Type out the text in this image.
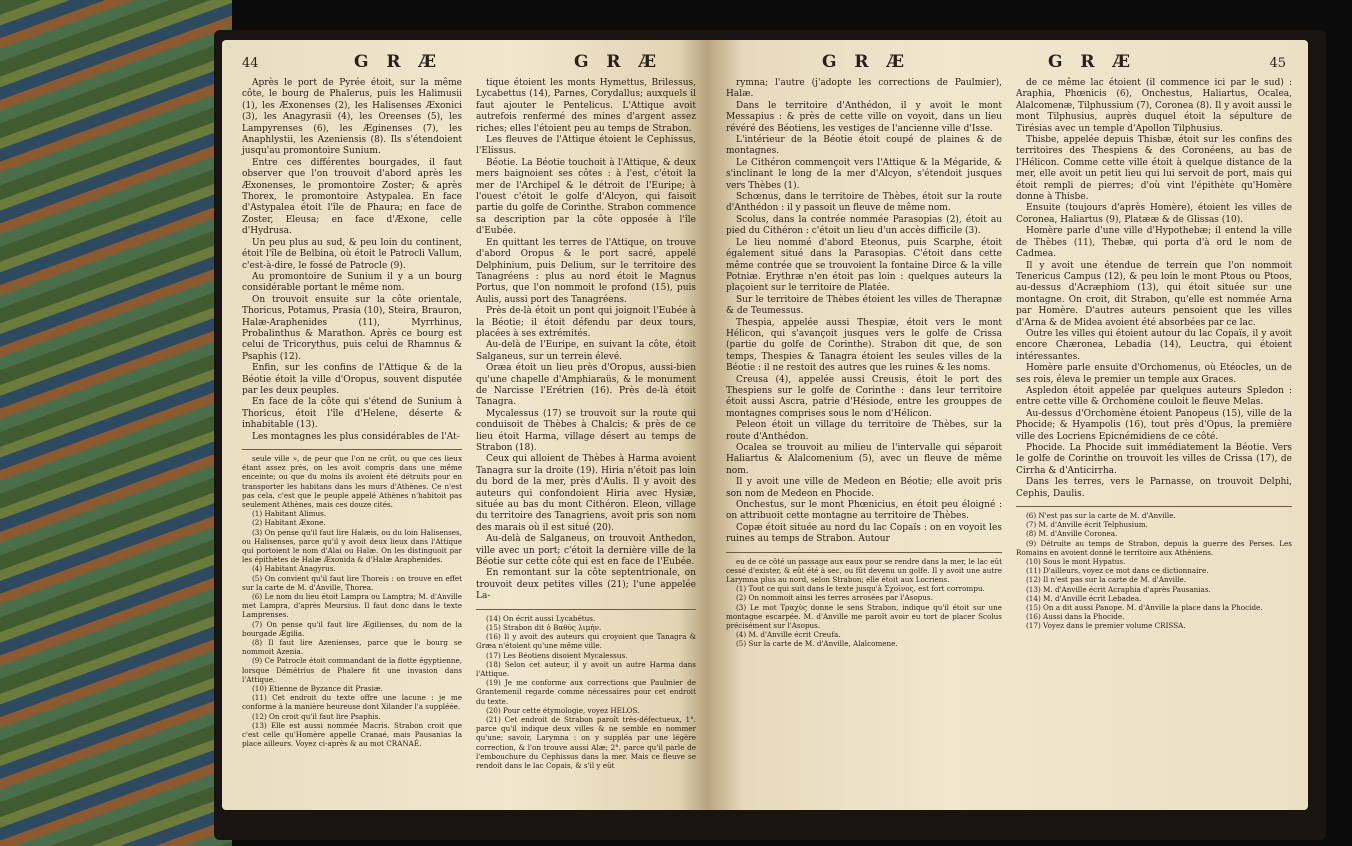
44	G R Æ	G R Æ

Après le port de Pyrée étoit, sur la même côte, le bourg de Phalerus, puis les Halimusii (1), les Æxonenses (2), les Halisenses Æxonici (3), les Anagyrasii (4), les Oreenses (5), les Lampyrenses (6), les Æginenses (7), les Anaphlystii, les Azeniensis (8). Ils s'étendoient jusqu'au promontoire Sunium.

Entre ces différentes bourgades, il faut observer que l'on trouvoit d'abord après les Æxonenses, le promontoire Zoster; & après Thorex, le promontoire Astypalea. En face d'Astypalea étoit l'île de Phaura; en face de Zoster, Eleusa; en face d'Æxone, celle d'Hydrusa.

Un peu plus au sud, & peu loin du continent, étoit l'île de Belbina, où étoit le Patrocli Vallum, c'est-à-dire, le fossé de Patrocle (9).

Au promontoire de Sunium il y a un bourg considérable portant le même nom.

On trouvoit ensuite sur la côte orientale, Thoricus, Potamus, Prasia (10), Steira, Brauron, Halæ-Araphenides (11), Myrrhinus, Probalinthus & Marathon. Après ce bourg est celui de Tricorythus, puis celui de Rhamnus & Psaphis (12).

Enfin, sur les confins de l'Attique & de la Béotie étoit la ville d'Oropus, souvent disputée par les deux peuples.

En face de la côte qui s'étend de Sunium à Thoricus, étoit l'île d'Helene, déserte & inhabitable (13).

Les montagnes les plus considérables de l'At-

seule ville », de peur que l'on ne crût, ou que ces lieux étant assez près, on les avoit compris dans une même enceinte; ou que du moins ils avoient été détruits pour en transporter les habitans dans les murs d'Athènes. Ce n'est pas cela, c'est que le peuple appelé Athènes n'habitoit pas seulement Athènes, mais ces douze cités.

(1) Habitant Alimus.

(2) Habitant Æxone.

(3) On pense qu'il faut lire Halæis, ou du loin Halisenses, ou Halisenses, parce qu'il y avoit deux lieux dans l'Attique qui portoient le nom d'Alai ou Halæ. On les distinguoit par les épithètes de Halæ Æxonida & d'Halæ Araphenides.

(4) Habitant Anagyrus.

(5) On convient qu'il faut lire Thoreis : on trouve en effet sur la carte de M. d'Anville, Thorea.

(6) Le nom du lieu étoit Lampra ou Lamptra; M. d'Anville met Lampra, d'après Meursius. Il faut donc dans le texte Lamprenses.

(7) On pense qu'il faut lire Ægilienses, du nom de la bourgade Ægilia.

(8) Il faut lire Azenienses, parce que le bourg se nommoit Azenia.

(9) Ce Patrocle étoit commandant de la flotte égyptienne, lorsque Démétrius de Phalere fit une invasion dans l'Attique.

(10) Etienne de Byzance dit Prasiæ.

(11) Cet endroit du texte offre une lacune : je me conforme à la manière heureuse dont Xilander l'a suppléée.

(12) On croit qu'il faut lire Psaphis.

(13) Elle est aussi nommée Macris. Strabon croit que c'est celle qu'Homère appelle Cranaé, mais Pausanias la place ailleurs. Voyez ci-après & au mot CRANAÉ.

tique étoient les monts Hymettus, Brilessus, Lycabettus (14), Parnes, Corydallus; auxquels il faut ajouter le Pentelicus. L'Attique avoit autrefois renfermé des mines d'argent assez riches; elles l'étoient peu au temps de Strabon.

Les fleuves de l'Attique étoient le Cephissus, l'Elissus.

Béotie. La Béotie touchoit à l'Attique, & deux mers baignoient ses côtes : à l'est, c'étoit la mer de l'Archipel & le détroit de l'Euripe; à l'ouest c'étoit le golfe d'Alcyon, qui faisoit partie du golfe de Corinthe. Strabon commence sa description par la côte opposée à l'île d'Eubée.

En quittant les terres de l'Attique, on trouve d'abord Oropus & le port sacré, appelé Delphinium, puis Delium, sur le territoire des Tanagréens : plus au nord étoit le Magnus Portus, que l'on nommoit le profond (15), puis Aulis, aussi port des Tanagréens.

Près de-là étoit un pont qui joignoit l'Eubée à la Béotie; il étoit défendu par deux tours, placées à ses extrémités.

Au-delà de l'Euripe, en suivant la côte, étoit Salganeus, sur un terrein élevé.

Oræa étoit un lieu près d'Oropus, aussi-bien qu'une chapelle d'Amphiaraüs, & le monument de Narcisse l'Erétrien (16). Près de-là étoit Tanagra.

Mycalessus (17) se trouvoit sur la route qui conduisoit de Thèbes à Chalcis; & près de ce lieu étoit Harma, village désert au temps de Strabon (18).

Ceux qui alloient de Thèbes à Harma avoient Tanagra sur la droite (19). Hiria n'étoit pas loin du bord de la mer, près d'Aulis. Il y avoit des auteurs qui confondoient Hiria avec Hysiæ, située au bas du mont Cithéron. Eleon, village du territoire des Tanagriens, avoit pris son nom des marais où il est situé (20).

Au-delà de Salganeus, on trouvoit Anthedon, ville avec un port; c'étoit la dernière ville de la Béotie sur cette côte qui est en face de l'Eubée.

En remontant sur la côte septentrionale, on trouvoit deux petites villes (21); l'une appelée La-

(14) On écrit aussi Lycabétus.

(15) Strabon dit ὁ Βαθὺς λιμήν.

(16) Il y avoit des auteurs qui croyoient que Tanagra & Græa n'étoient qu'une même ville.

(17) Les Béotiens disoient Mycalessus.

(18) Selon cet auteur, il y avoit un autre Harma dans l'Attique.

(19) Je me conforme aux corrections que Paulmier de Grantemenil regarde comme nécessaires pour cet endroit du texte.

(20) Pour cette étymologie, voyez HELOS.

(21) Cet endroit de Strabon paroît très-défectueux, 1°. parce qu'il indique deux villes & ne semble en nommer qu'une; savoir, Larymna : on y suppléa par une légère correction, & l'on trouve aussi Alæ; 2°. parce qu'il parle de l'embouchure du Cephissus dans la mer. Mais ce fleuve se rendoit dans le lac Copais, & s'il y eût

G R Æ	G R Æ	45

rymna; l'autre (j'adopte les corrections de Paulmier), Halæ.

Dans le territoire d'Anthédon, il y avoit le mont Messapius : & près de cette ville on voyoit, dans un lieu révéré des Béotiens, les vestiges de l'ancienne ville d'Isse.

L'intérieur de la Béotie étoit coupé de plaines & de montagnes.

Le Cithéron commençoit vers l'Attique & la Mégaride, & s'inclinant le long de la mer d'Alcyon, s'étendoit jusques vers Thèbes (1).

Schœnus, dans le territoire de Thèbes, étoit sur la route d'Anthédon : il y passoit un fleuve de même nom.

Scolus, dans la contrée nommée Parasopias (2), étoit au pied du Cithéron : c'étoit un lieu d'un accès difficile (3).

Le lieu nommé d'abord Eteonus, puis Scarphe, étoit également situé dans la Parasopias. C'étoit dans cette même contrée que se trouvoient la fontaine Dirce & la ville Potniæ. Erythræ n'en étoit pas loin : quelques auteurs la plaçoient sur le territoire de Platée.

Sur le territoire de Thèbes étoient les villes de Therapnæ & de Teumessus.

Thespia, appelée aussi Thespiæ, étoit vers le mont Hélicon, qui s'avançoit jusques vers le golfe de Crissa (partie du golfe de Corinthe). Strabon dit que, de son temps, Thespies & Tanagra étoient les seules villes de la Béotie : il ne restoit des autres que les ruines & les noms.

Creusa (4), appelée aussi Creusis, étoit le port des Thespiens sur le golfe de Corinthe : dans leur territoire étoit aussi Ascra, patrie d'Hésiode, entre les grouppes de montagnes comprises sous le nom d'Hélicon.

Peleon étoit un village du territoire de Thèbes, sur la route d'Anthédon.

Ocalea se trouvoit au milieu de l'intervalle qui séparoit Haliartus & Alalcomenium (5), avec un fleuve de même nom.

Il y avoit une ville de Medeon en Béotie; elle avoit pris son nom de Medeon en Phocide.

Onchestus, sur le mont Phœnicius, en étoit peu éloigné : on attribuoit cette montagne au territoire de Thèbes.

Copæ étoit située au nord du lac Copaïs : on en voyoit les ruines au temps de Strabon. Autour

eu de ce côté un passage aux eaux pour se rendre dans la mer, le lac eût cessé d'exister, & eût été à sec, ou fût devenu un golfe. Il y avoit une autre Larymna plus au nord, selon Strabon; elle étoit aux Locriens.

(1) Tout ce qui suit dans le texte jusqu'à Σχοῖνος, est fort corrompu.

(2) On nommoit ainsi les terres arrosées par l'Asopus.

(3) Le mot Τραχὺς donne le sens Strabon, indique qu'il étoit sur une montagne escarpée. M. d'Anville me paroît avoir eu tort de placer Scolus précisément sur l'Asopus.

(4) M. d'Anville écrit Creufa.

(5) Sur la carte de M. d'Anville, Alalcomene.

de ce même lac étoient (il commence ici par le sud) : Araphia, Phœnicis (6), Onchestus, Haliartus, Ocalea, Alalcomenæ, Tilphussium (7), Coronea (8). Il y avoit aussi le mont Tilphusius, auprès duquel étoit la sépulture de Tirésias avec un temple d'Apollon Tilphusius.

Thisbe, appelée depuis Thisbæ, étoit sur les confins des territoires des Thespiens & des Coronéens, au bas de l'Hélicon. Comme cette ville étoit à quelque distance de la mer, elle avoit un petit lieu qui lui servoit de port, mais qui étoit rempli de pierres; d'où vint l'épithète qu'Homère donne à Thisbe.

Ensuite (toujours d'après Homère), étoient les villes de Coronea, Haliartus (9), Platææ & de Glissas (10).

Homère parle d'une ville d'Hypothebæ; il entend la ville de Thèbes (11), Thebæ, qui porta d'à ord le nom de Cadmea.

Il y avoit une étendue de terrein que l'on nommoit Tenericus Campus (12), & peu loin le mont Ptous ou Ptoos, au-dessus d'Acræphiom (13), qui étoit située sur une montagne. On croit, dit Strabon, qu'elle est nommée Arna par Homère. D'autres auteurs pensoient que les villes d'Arna & de Midea avoient été absorbées par ce lac.

Outre les villes qui étoient autour du lac Copaïs, il y avoit encore Chæronea, Lebadia (14), Leuctra, qui étoient intéressantes.

Homère parle ensuite d'Orchomenus, où Etéocles, un de ses rois, éleva le premier un temple aux Graces.

Aspledon étoit appelée par quelques auteurs Spledon : entre cette ville & Orchomène couloit le fleuve Melas.

Au-dessus d'Orchomène étoient Panopeus (15), ville de la Phocide; & Hyampolis (16), tout près d'Opus, la première ville des Locriens Epicnémidiens de ce côté.

Phocide. La Phocide suit immédiatement la Béotie. Vers le golfe de Corinthe on trouvoit les villes de Crissa (17), de Cirrha & d'Anticirrha.

Dans les terres, vers le Parnasse, on trouvoit Delphi, Cephis, Daulis.

(6) N'est pas sur la carte de M. d'Anville.

(7) M. d'Anville écrit Telphusium.

(8) M. d'Anville Coronea.

(9) Détruite au temps de Strabon, depuis la guerre des Perses. Les Romains en avoient donné le territoire aux Athéniens.

(10) Sous le mont Hypatus.

(11) D'ailleurs, voyez ce mot dans ce dictionnaire.

(12) Il n'est pas sur la carte de M. d'Anville.

(13) M. d'Anville écrit Acraphia d'après Pausanias.

(14) M. d'Anville écrit Lebadea.

(15) On a dit aussi Panope. M. d'Anville la place dans la Phocide.

(16) Aussi dans la Phocide.

(17) Voyez dans le premier volume CRISSA.
